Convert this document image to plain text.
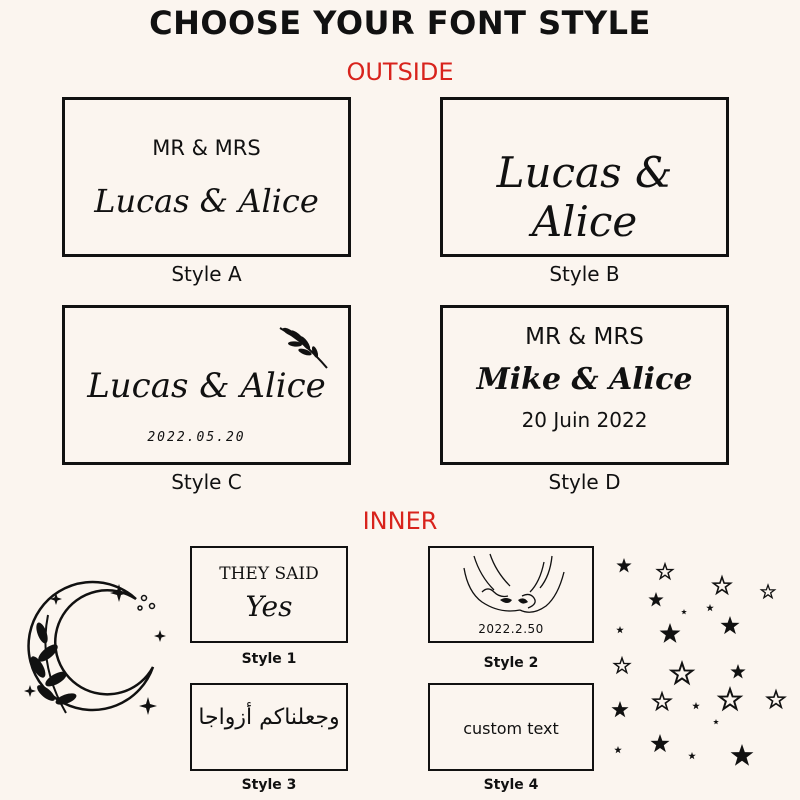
CHOOSE YOUR FONT STYLE
OUTSIDE
MR & MRS
Lucas & Alice
Style A
Lucas & Alice
Style B
Lucas & Alice
2022.05.20
Style C
MR & MRS
Mike & Alice
20 Juin 2022
Style D
INNER
THEY SAID
Yes
Style 1
2022.2.50
Style 2
وجعلناكم أزواجا
Style 3
custom text
Style 4
